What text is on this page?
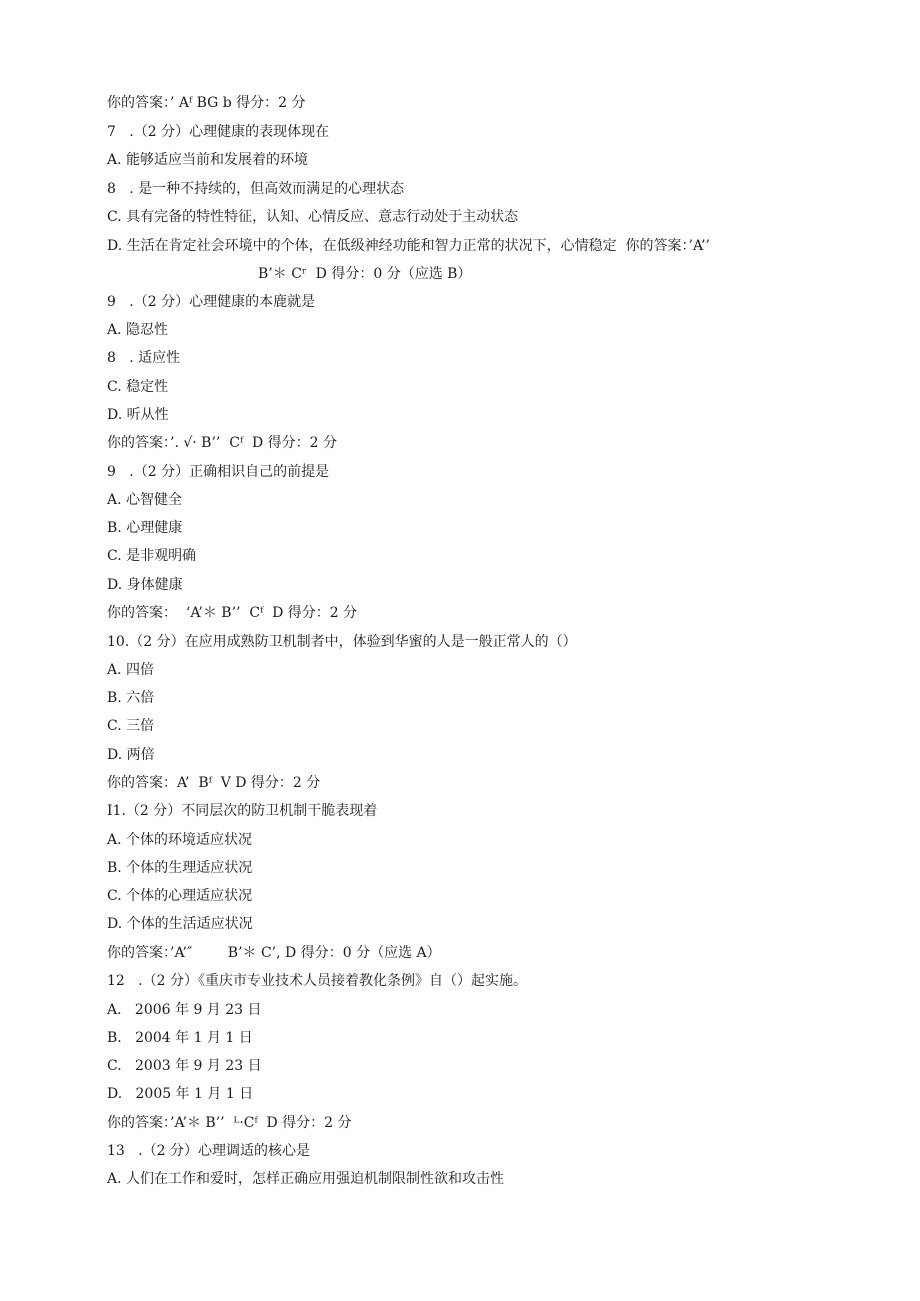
你的答案：’ Aᶠ BG b 得分：2 分
7   .（2 分）心理健康的表现体现在
A. 能够适应当前和发展着的环境
8   . 是一种不持续的，但高效而满足的心理状态
C. 具有完备的特性特征，认知、心情反应、意志行动处于主动状态
D. 生活在肯定社会环境中的个体，在低级神经功能和智力正常的状况下，心情稳定  你的答案：’A’’
B’＊ Cʳ  D 得分：0 分（应选 B）
9   .（2 分）心理健康的本鹿就是
A. 隐忍性
8   . 适应性
C. 稳定性
D. 听从性
你的答案：’. √· B’’  Cᶠ  D 得分：2 分
9   .（2 分）正确相识自己的前提是
A. 心智健全
B. 心理健康
C. 是非观明确
D. 身体健康
你的答案：  ‘A’＊ B’’  Cᶠ  D 得分：2 分
10.（2 分）在应用成熟防卫机制者中，体验到华蜜的人是一般正常人的（）
A. 四倍
B. 六倍
C. 三倍
D. 两倍
你的答案：A’  Bᶠ  V D 得分：2 分
I1.（2 分）不同层次的防卫机制干脆表现着
A. 个体的环境适应状况
B. 个体的生理适应状况
C. 个体的心理适应状况
D. 个体的生活适应状况
你的答案：’A’″        B’＊ C’, D 得分：0 分（应选 A）
12   .（2 分）《重庆市专业技术人员接着教化条例》自（）起实施。
A.   2006 年 9 月 23 日
B.   2004 年 1 月 1 日
C.   2003 年 9 月 23 日
D.   2005 年 1 月 1 日
你的答案：’A’＊ B’’  ᴸ·Cᶠ  D 得分：2 分
13   .（2 分）心理调适的核心是
A. 人们在工作和爱时，怎样正确应用强迫机制限制性欲和攻击性
